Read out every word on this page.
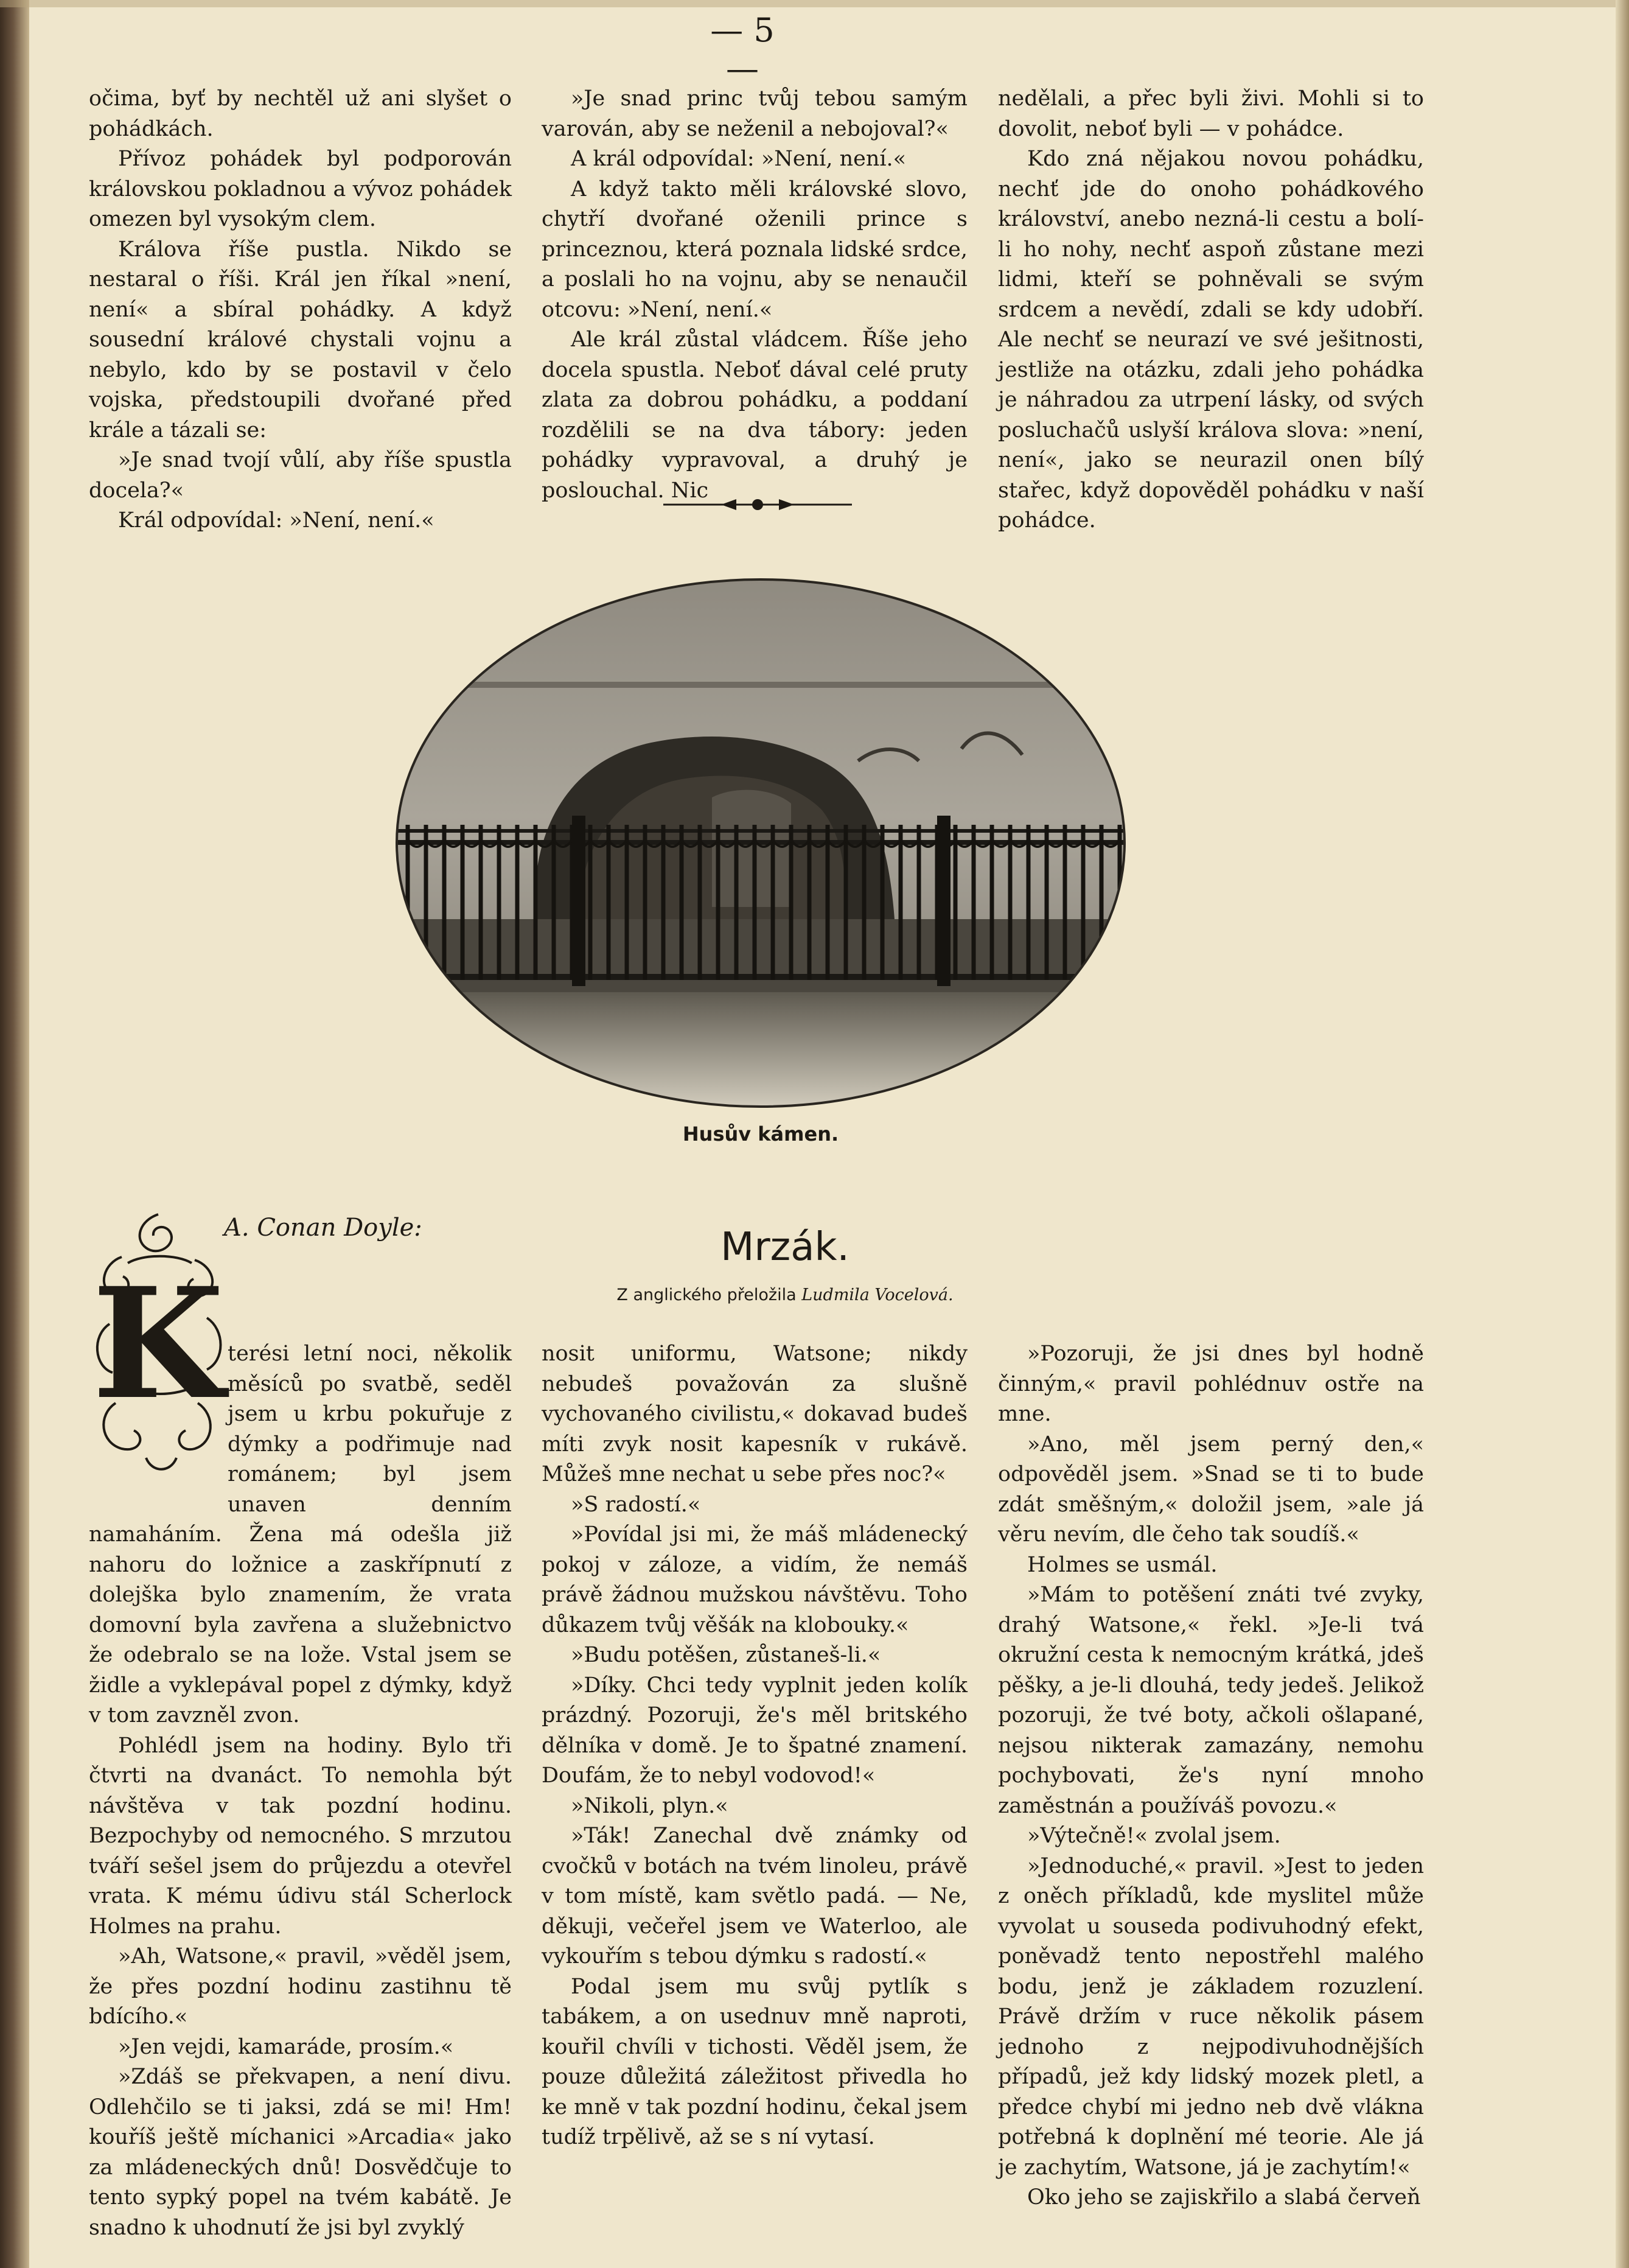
— 5 —

očima, byť by nechtěl už ani slyšet o pohádkách.

Přívoz pohádek byl podporován královskou pokladnou a vývoz pohádek omezen byl vysokým clem.

Králova říše pustla. Nikdo se nestaral o říši. Král jen říkal »není, není« a sbíral pohádky. A když sousední králové chystali vojnu a nebylo, kdo by se postavil v čelo vojska, předstoupili dvořané před krále a tázali se:

»Je snad tvojí vůlí, aby říše spustla docela?«

Král odpovídal: »Není, není.«

»Je snad princ tvůj tebou samým varován, aby se neženil a nebojoval?«

A král odpovídal: »Není, není.«

A když takto měli královské slovo, chytří dvořané oženili prince s princeznou, která poznala lidské srdce, a poslali ho na vojnu, aby se nenaučil otcovu: »Není, není.«

Ale král zůstal vládcem. Říše jeho docela spustla. Neboť dával celé pruty zlata za dobrou pohádku, a poddaní rozdělili se na dva tábory: jeden pohádky vypravoval, a druhý je poslouchal. Nic

nedělali, a přec byli živi. Mohli si to dovolit, neboť byli — v pohádce.

Kdo zná nějakou novou pohádku, nechť jde do onoho pohádkového království, anebo nezná-li cestu a bolí-li ho nohy, nechť aspoň zůstane mezi lidmi, kteří se pohněvali se svým srdcem a nevědí, zdali se kdy udobří. Ale nechť se neurazí ve své ješitnosti, jestliže na otázku, zdali jeho pohádka je náhradou za utrpení lásky, od svých posluchačů uslyší králova slova: »není, není«, jako se neurazil onen bílý stařec, když dopověděl pohádku v naší pohádce.

Husův kámen.
A. Conan Doyle:	Mrzák.
Z anglického přeložila Ludmila Vocelová.

terési letní noci, několik měsíců po svatbě, seděl jsem u krbu pokuřuje z dýmky a podřimuje nad románem; byl jsem unaven denním namaháním. Žena má odešla již nahoru do ložnice a zaskřípnutí z dolejška bylo znamením, že vrata domovní byla zavřena a služebnictvo že odebralo se na lože. Vstal jsem se židle a vyklepával popel z dýmky, když v tom zavzněl zvon.

Pohlédl jsem na hodiny. Bylo tři čtvrti na dvanáct. To nemohla být návštěva v tak pozdní hodinu. Bezpochyby od nemocného. S mrzutou tváří sešel jsem do průjezdu a otevřel vrata. K mému údivu stál Scherlock Holmes na prahu.

»Ah, Watsone,« pravil, »věděl jsem, že přes pozdní hodinu zastihnu tě bdícího.«

»Jen vejdi, kamaráde, prosím.«

»Zdáš se překvapen, a není divu. Odlehčilo se ti jaksi, zdá se mi! Hm! kouříš ještě míchanici »Arcadia« jako za mládeneckých dnů! Dosvědčuje to tento sypký popel na tvém kabátě. Je snadno k uhodnutí že jsi byl zvyklý

K	nosit uniformu, Watsone; nikdy nebudeš považován za slušně vychovaného civilistu,« dokavad budeš míti zvyk nosit kapesník v rukávě. Můžeš mne nechat u sebe přes noc?«

»S radostí.«

»Povídal jsi mi, že máš mládenecký pokoj v záloze, a vidím, že nemáš právě žádnou mužskou návštěvu. Toho důkazem tvůj věšák na klobouky.«

»Budu potěšen, zůstaneš-li.«

»Díky. Chci tedy vyplnit jeden kolík prázdný. Pozoruji, že's měl britského dělníka v domě. Je to špatné znamení. Doufám, že to nebyl vodovod!«

»Nikoli, plyn.«

»Ták! Zanechal dvě známky od cvočků v botách na tvém linoleu, právě v tom místě, kam světlo padá. — Ne, děkuji, večeřel jsem ve Waterloo, ale vykouřím s tebou dýmku s radostí.«

Podal jsem mu svůj pytlík s tabákem, a on usednuv mně naproti, kouřil chvíli v tichosti. Věděl jsem, že pouze důležitá záležitost přivedla ho ke mně v tak pozdní hodinu, čekal jsem tudíž trpělivě, až se s ní vytasí.

»Pozoruji, že jsi dnes byl hodně činným,« pravil pohlédnuv ostře na mne.

»Ano, měl jsem perný den,« odpověděl jsem. »Snad se ti to bude zdát směšným,« doložil jsem, »ale já věru nevím, dle čeho tak soudíš.«

Holmes se usmál.

»Mám to potěšení znáti tvé zvyky, drahý Watsone,« řekl. »Je-li tvá okružní cesta k nemocným krátká, jdeš pěšky, a je-li dlouhá, tedy jedeš. Jelikož pozoruji, že tvé boty, ačkoli ošlapané, nejsou nikterak zamazány, nemohu pochybovati, že's nyní mnoho zaměstnán a používáš povozu.«

»Výtečně!« zvolal jsem.

»Jednoduché,« pravil. »Jest to jeden z oněch příkladů, kde myslitel může vyvolat u souseda podivuhodný efekt, poněvadž tento nepostřehl malého bodu, jenž je základem rozuzlení. Právě držím v ruce několik pásem jednoho z nejpodivuhodnějších případů, jež kdy lidský mozek pletl, a předce chybí mi jedno neb dvě vlákna potřebná k doplnění mé teorie. Ale já je zachytím, Watsone, já je zachytím!«

Oko jeho se zajiskřilo a slabá červeň
